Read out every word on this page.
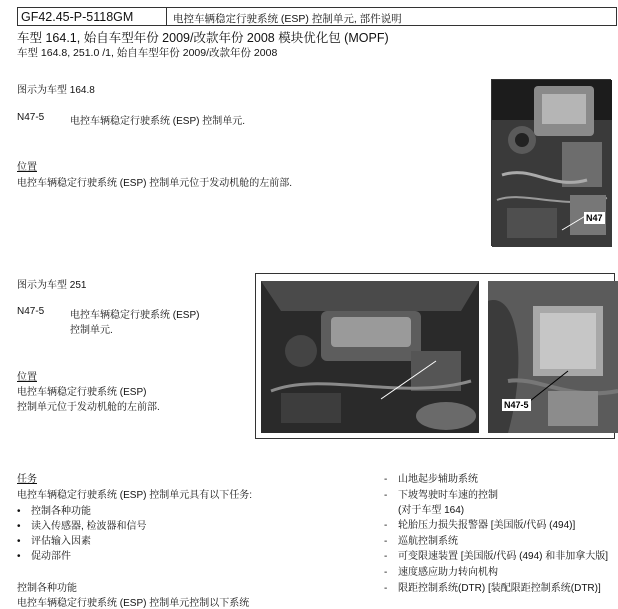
GF42.45-P-5118GM	电控车辆稳定行驶系统 (ESP) 控制单元, 部件说明
车型 164.1, 始自车型年份 2009/改款年份 2008 模块优化包 (MOPF)
车型 164.8, 251.0 /1, 始自车型年份 2009/改款年份 2008
图示为车型 164.8
N47-5	电控车辆稳定行驶系统 (ESP) 控制单元.
位置
电控车辆稳定行驶系统 (ESP) 控制单元位于发动机舱的左前部.
N47
图示为车型 251
N47-5	电控车辆稳定行驶系统 (ESP)
控制单元.
位置
电控车辆稳定行驶系统 (ESP)
控制单元位于发动机舱的左前部.	N47-5
任务
电控车辆稳定行驶系统 (ESP) 控制单元具有以下任务:
• 控制各种功能
• 读入传感器, 检波器和信号
• 评估输入因素
• 促动部件
控制各种功能
电控车辆稳定行驶系统 (ESP) 控制单元控制以下系统
- 山地起步辅助系统
- 下坡驾驶时车速的控制
(对于车型 164)
- 轮胎压力损失报警器 [美国版/代码 (494)]
- 巡航控制系统
- 可变限速装置 [美国版/代码 (494) 和非加拿大版]
- 速度感应助力转向机构
- 限距控制系统(DTR) [装配限距控制系统(DTR)]
